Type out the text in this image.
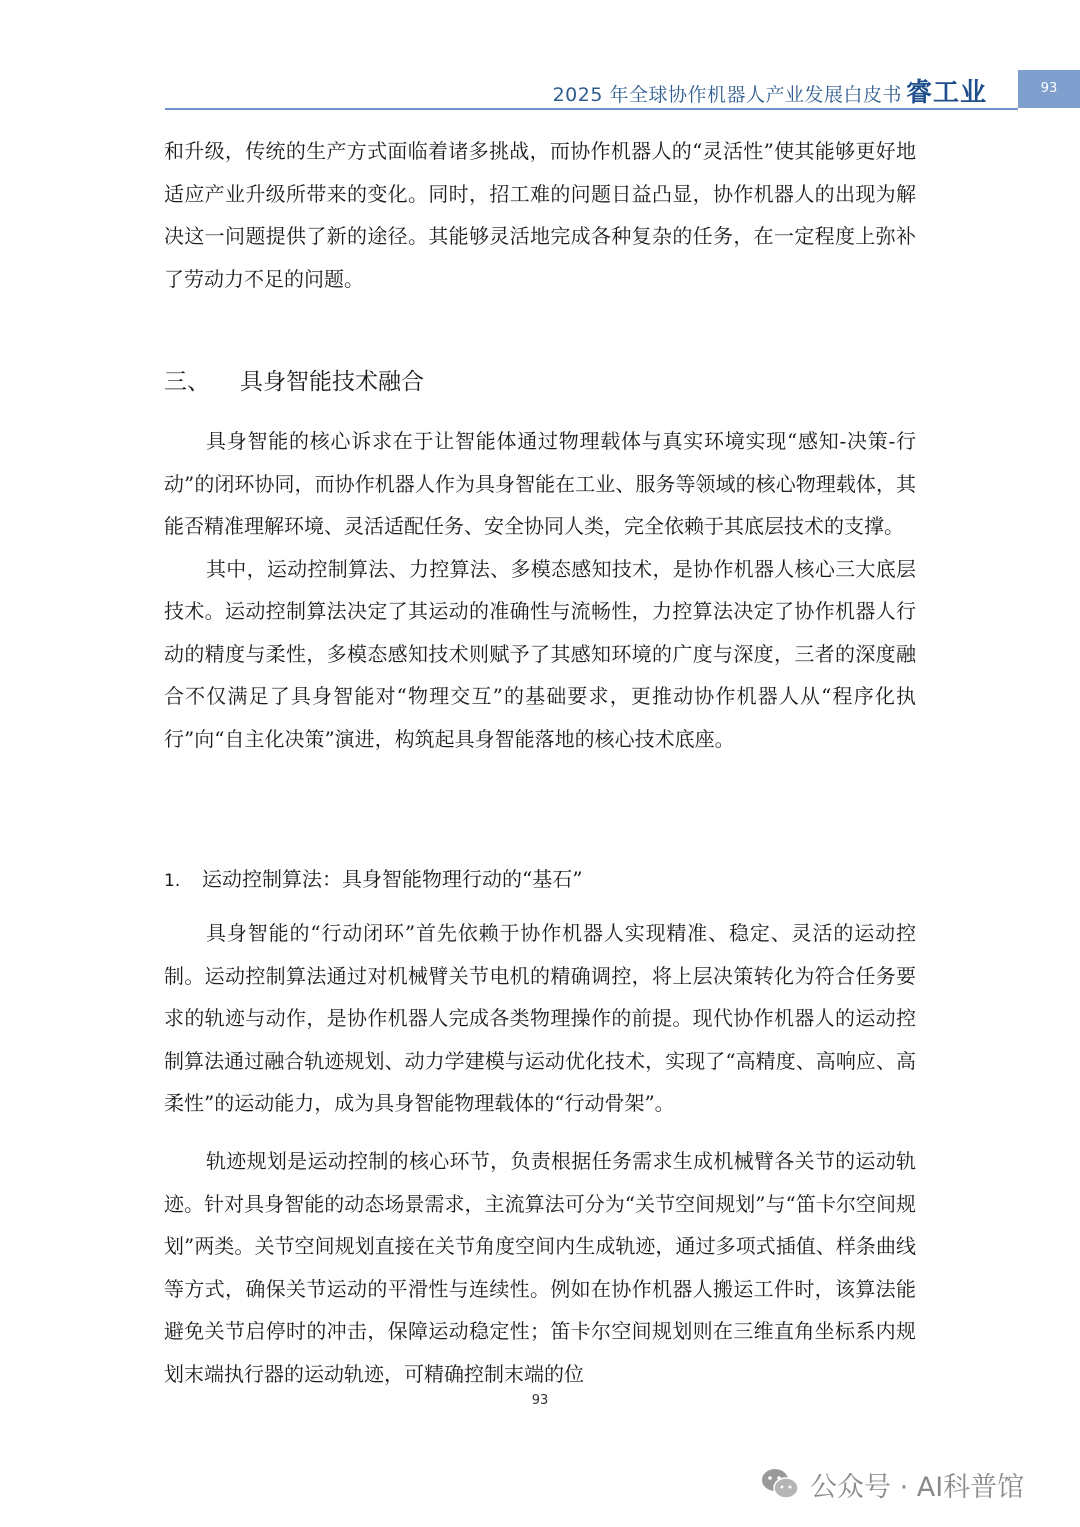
2025 年全球协作机器人产业发展白皮书 睿工业	93

和升级，传统的生产方式面临着诸多挑战，而协作机器人的“灵活性”使其能够更好地适应产业升级所带来的变化。同时，招工难的问题日益凸显，协作机器人的出现为解决这一问题提供了新的途径。其能够灵活地完成各种复杂的任务，在一定程度上弥补了劳动力不足的问题。

三、 具身智能技术融合

具身智能的核心诉求在于让智能体通过物理载体与真实环境实现“感知-决策-行动”的闭环协同，而协作机器人作为具身智能在工业、服务等领域的核心物理载体，其能否精准理解环境、灵活适配任务、安全协同人类，完全依赖于其底层技术的支撑。

其中，运动控制算法、力控算法、多模态感知技术，是协作机器人核心三大底层技术。运动控制算法决定了其运动的准确性与流畅性，力控算法决定了协作机器人行动的精度与柔性，多模态感知技术则赋予了其感知环境的广度与深度，三者的深度融合不仅满足了具身智能对“物理交互”的基础要求，更推动协作机器人从“程序化执行”向“自主化决策”演进，构筑起具身智能落地的核心技术底座。

1. 运动控制算法：具身智能物理行动的“基石”

具身智能的“行动闭环”首先依赖于协作机器人实现精准、稳定、灵活的运动控制。运动控制算法通过对机械臂关节电机的精确调控，将上层决策转化为符合任务要求的轨迹与动作，是协作机器人完成各类物理操作的前提。现代协作机器人的运动控制算法通过融合轨迹规划、动力学建模与运动优化技术，实现了“高精度、高响应、高柔性”的运动能力，成为具身智能物理载体的“行动骨架”。

轨迹规划是运动控制的核心环节，负责根据任务需求生成机械臂各关节的运动轨迹。针对具身智能的动态场景需求，主流算法可分为“关节空间规划”与“笛卡尔空间规划”两类。关节空间规划直接在关节角度空间内生成轨迹，通过多项式插值、样条曲线等方式，确保关节运动的平滑性与连续性。例如在协作机器人搬运工件时，该算法能避免关节启停时的冲击，保障运动稳定性；笛卡尔空间规划则在三维直角坐标系内规划末端执行器的运动轨迹，可精确控制末端的位

93
公众号 · AI科普馆
